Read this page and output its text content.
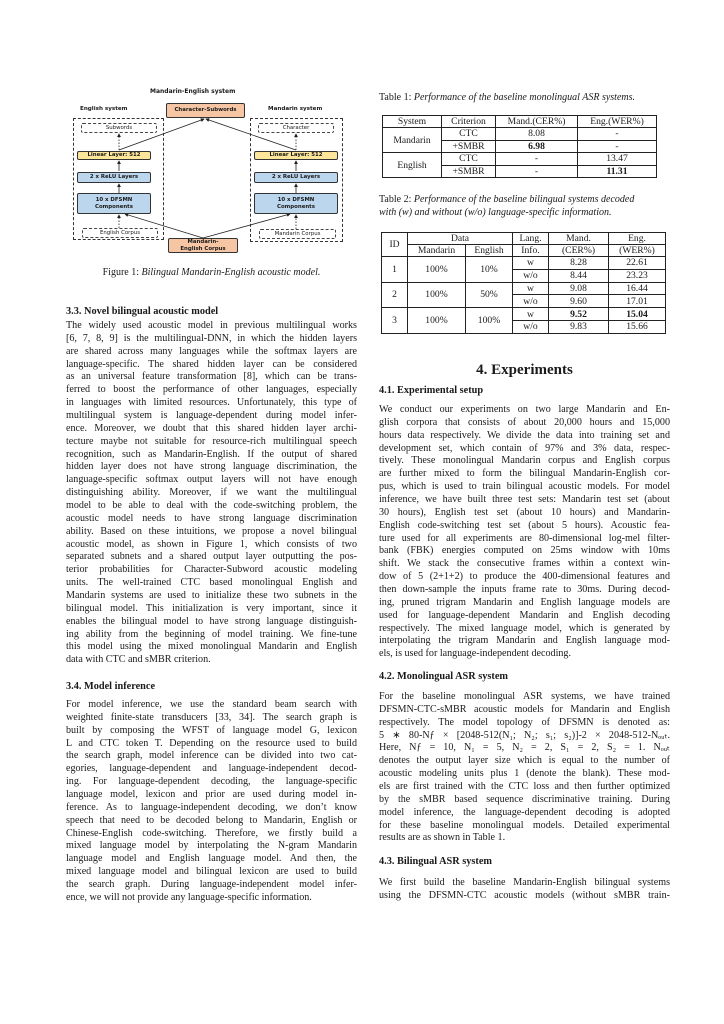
Mandarin-English system
English system	Mandarin system
Character-Subwords
Subwords
Linear Layer: 512
2 x ReLU Layers
10 x DFSMN Components
English Corpus
Character
Linear Layer: 512
2 x ReLU Layers
10 x DFSMN Components
Mandarin Corpus
Mandarin-English Corpus
Figure 1: Bilingual Mandarin-English acoustic model.
3.3. Novel bilingual acoustic model
The widely used acoustic model in previous multilingual works
[6, 7, 8, 9] is the multilingual-DNN, in which the hidden layers
are shared across many languages while the softmax layers are
language-specific. The shared hidden layer can be considered
as an universal feature transformation [8], which can be trans-
ferred to boost the performance of other languages, especially
in languages with limited resources. Unfortunately, this type of
multilingual system is language-dependent during model infer-
ence. Moreover, we doubt that this shared hidden layer archi-
tecture maybe not suitable for resource-rich multilingual speech
recognition, such as Mandarin-English. If the output of shared
hidden layer does not have strong language discrimination, the
language-specific softmax output layers will not have enough
distinguishing ability. Moreover, if we want the multilingual
model to be able to deal with the code-switching problem, the
acoustic model needs to have strong language discrimination
ability. Based on these intuitions, we propose a novel bilingual
acoustic model, as shown in Figure 1, which consists of two
separated subnets and a shared output layer outputting the pos-
terior probabilities for Character-Subword acoustic modeling
units. The well-trained CTC based monolingual English and
Mandarin systems are used to initialize these two subnets in the
bilingual model. This initialization is very important, since it
enables the bilingual model to have strong language distinguish-
ing ability from the beginning of model training. We fine-tune
this model using the mixed monolingual Mandarin and English
data with CTC and sMBR criterion.
3.4. Model inference
For model inference, we use the standard beam search with
weighted finite-state transducers [33, 34]. The search graph is
built by composing the WFST of language model G, lexicon
L and CTC token T. Depending on the resource used to build
the search graph, model inference can be divided into two cat-
egories, language-dependent and language-independent decod-
ing. For language-dependent decoding, the language-specific
language model, lexicon and prior are used during model in-
ference. As to language-independent decoding, we don’t know
speech that need to be decoded belong to Mandarin, English or
Chinese-English code-switching. Therefore, we firstly build a
mixed language model by interpolating the N-gram Mandarin
language model and English language model. And then, the
mixed language model and bilingual lexicon are used to build
the search graph. During language-independent model infer-
ence, we will not provide any language-specific information.
Table 1: Performance of the baseline monolingual ASR systems.
System	Criterion	Mand.(CER%)	Eng.(WER%)
Mandarin	CTC	8.08	-
	+SMBR	6.98	-
English	CTC	-	13.47
	+SMBR	-	11.31
Table 2: Performance of the baseline bilingual systems decoded
with (w) and without (w/o) language-specific information.
ID	Data		Lang.	Mand.	Eng.
	Mandarin	English	Info.	(CER%)	(WER%)
1	100%	10%	w	8.28	22.61
			w/o	8.44	23.23
2	100%	50%	w	9.08	16.44
			w/o	9.60	17.01
3	100%	100%	w	9.52	15.04
			w/o	9.83	15.66
4. Experiments
4.1. Experimental setup
We conduct our experiments on two large Mandarin and En-
glish corpora that consists of about 20,000 hours and 15,000
hours data respectively. We divide the data into training set and
development set, which contain of 97% and 3% data, respec-
tively. These monolingual Mandarin corpus and English corpus
are further mixed to form the bilingual Mandarin-English cor-
pus, which is used to train bilingual acoustic models. For model
inference, we have built three test sets: Mandarin test set (about
30 hours), English test set (about 10 hours) and Mandarin-
English code-switching test set (about 5 hours). Acoustic fea-
ture used for all experiments are 80-dimensional log-mel filter-
bank (FBK) energies computed on 25ms window with 10ms
shift. We stack the consecutive frames within a context win-
dow of 5 (2+1+2) to produce the 400-dimensional features and
then down-sample the inputs frame rate to 30ms. During decod-
ing, pruned trigram Mandarin and English language models are
used for language-dependent Mandarin and English decoding
respectively. The mixed language model, which is generated by
interpolating the trigram Mandarin and English language mod-
els, is used for language-independent decoding.
4.2. Monolingual ASR system
For the baseline monolingual ASR systems, we have trained
DFSMN-CTC-sMBR acoustic models for Mandarin and English
respectively. The model topology of DFSMN is denoted as:
5 ∗ 80-Nƒ × [2048-512(N₁; N₂; s₁; s₂)]-2 × 2048-512-Nₒᵤₜ.
Here, Nƒ = 10, N₁ = 5, N₂ = 2, S₁ = 2, S₂ = 1. Nₒᵤₜ
denotes the output layer size which is equal to the number of
acoustic modeling units plus 1 (denote the blank). These mod-
els are first trained with the CTC loss and then further optimized
by the sMBR based sequence discriminative training. During
model inference, the language-dependent decoding is adopted
for these baseline monolingual models. Detailed experimental
results are as shown in Table 1.
4.3. Bilingual ASR system
We first build the baseline Mandarin-English bilingual systems
using the DFSMN-CTC acoustic models (without sMBR train-
